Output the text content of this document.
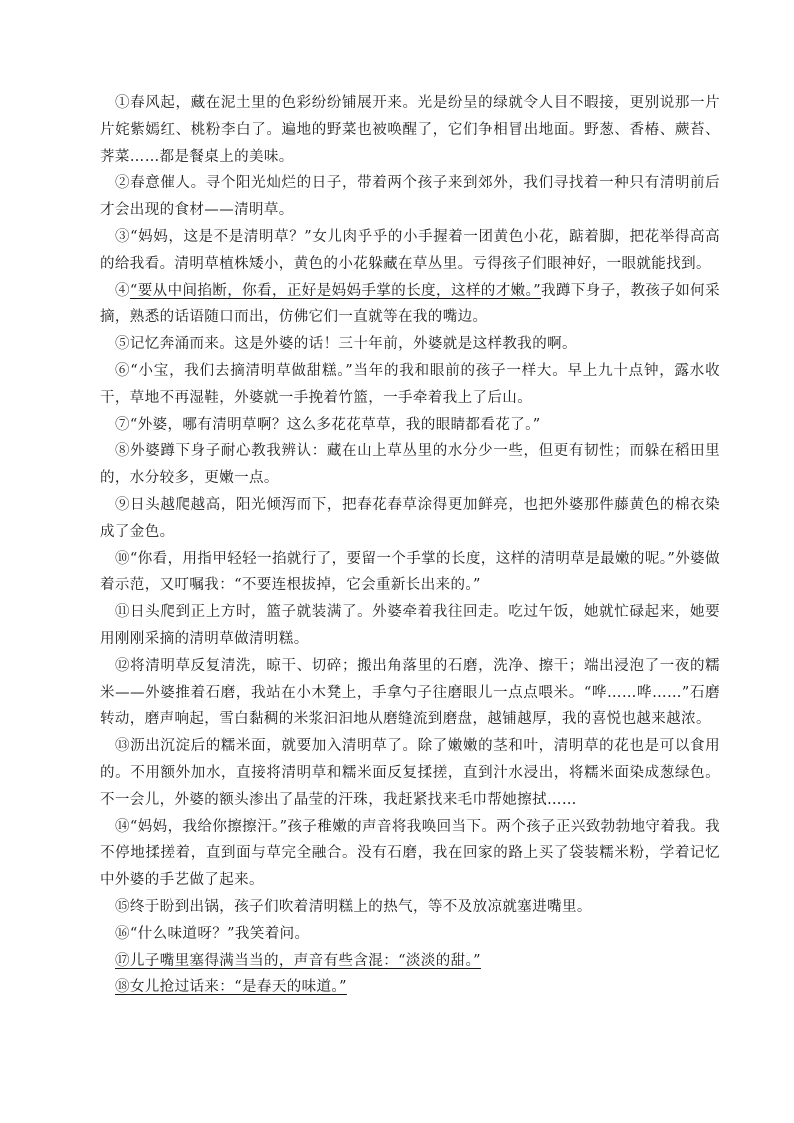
①春风起，藏在泥土里的色彩纷纷铺展开来。光是纷呈的绿就令人目不暇接，更别说那一片片姹紫嫣红、桃粉李白了。遍地的野菜也被唤醒了，它们争相冒出地面。野葱、香椿、蕨苔、荠菜……都是餐桌上的美味。

②春意催人。寻个阳光灿烂的日子，带着两个孩子来到郊外，我们寻找着一种只有清明前后才会出现的食材——清明草。

③“妈妈，这是不是清明草？”女儿肉乎乎的小手握着一团黄色小花，踮着脚，把花举得高高的给我看。清明草植株矮小，黄色的小花躲藏在草丛里。亏得孩子们眼神好，一眼就能找到。

④“要从中间掐断，你看，正好是妈妈手掌的长度，这样的才嫩。”我蹲下身子，教孩子如何采摘，熟悉的话语随口而出，仿佛它们一直就等在我的嘴边。

⑤记忆奔涌而来。这是外婆的话！三十年前，外婆就是这样教我的啊。

⑥“小宝，我们去摘清明草做甜糕。”当年的我和眼前的孩子一样大。早上九十点钟，露水收干，草地不再湿鞋，外婆就一手挽着竹篮，一手牵着我上了后山。

⑦“外婆，哪有清明草啊？这么多花花草草，我的眼睛都看花了。”

⑧外婆蹲下身子耐心教我辨认：藏在山上草丛里的水分少一些，但更有韧性；而躲在稻田里的，水分较多，更嫩一点。

⑨日头越爬越高，阳光倾泻而下，把春花春草涂得更加鲜亮，也把外婆那件藤黄色的棉衣染成了金色。

⑩“你看，用指甲轻轻一掐就行了，要留一个手掌的长度，这样的清明草是最嫩的呢。”外婆做着示范，又叮嘱我：“不要连根拔掉，它会重新长出来的。”

⑪日头爬到正上方时，篮子就装满了。外婆牵着我往回走。吃过午饭，她就忙碌起来，她要用刚刚采摘的清明草做清明糕。

⑫将清明草反复清洗，晾干、切碎；搬出角落里的石磨，洗净、擦干；端出浸泡了一夜的糯米——外婆推着石磨，我站在小木凳上，手拿勺子往磨眼儿一点点喂米。“哗……哗……”石磨转动，磨声响起，雪白黏稠的米浆汩汩地从磨缝流到磨盘，越铺越厚，我的喜悦也越来越浓。

⑬沥出沉淀后的糯米面，就要加入清明草了。除了嫩嫩的茎和叶，清明草的花也是可以食用的。不用额外加水，直接将清明草和糯米面反复揉搓，直到汁水浸出，将糯米面染成葱绿色。不一会儿，外婆的额头渗出了晶莹的汗珠，我赶紧找来毛巾帮她擦拭……

⑭“妈妈，我给你擦擦汗。”孩子稚嫩的声音将我唤回当下。两个孩子正兴致勃勃地守着我。我不停地揉搓着，直到面与草完全融合。没有石磨，我在回家的路上买了袋装糯米粉，学着记忆中外婆的手艺做了起来。

⑮终于盼到出锅，孩子们吹着清明糕上的热气，等不及放凉就塞进嘴里。

⑯“什么味道呀？”我笑着问。

⑰儿子嘴里塞得满当当的，声音有些含混：“淡淡的甜。”

⑱女儿抢过话来：“是春天的味道。”
